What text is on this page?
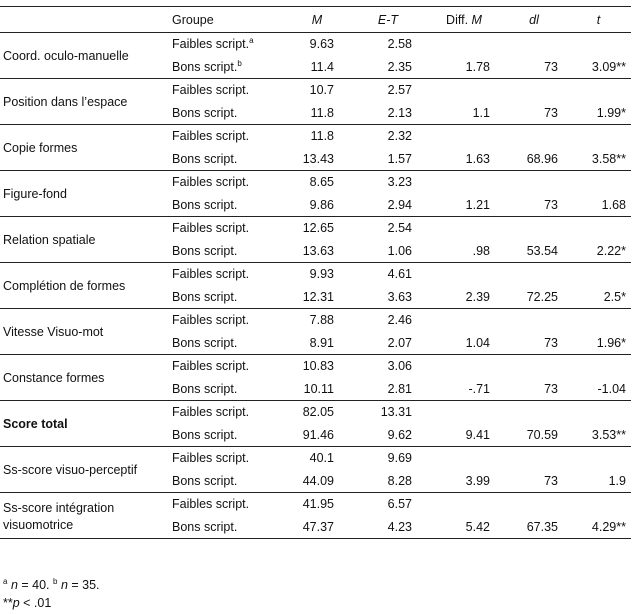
	Groupe	M	E-T	Diff. M	dl	t
Coord. oculo-manuelle	Faibles script.$^a$	9.63	2.58			
	Bons script.$^b$	11.4	2.35	1.78	73	3.09**
Position dans l’espace	Faibles script.	10.7	2.57			
	Bons script.	11.8	2.13	1.1	73	1.99*
Copie formes	Faibles script.	11.8	2.32			
	Bons script.	13.43	1.57	1.63	68.96	3.58**
Figure-fond	Faibles script.	8.65	3.23			
	Bons script.	9.86	2.94	1.21	73	1.68
Relation spatiale	Faibles script.	12.65	2.54			
	Bons script.	13.63	1.06	.98	53.54	2.22*
Complétion de formes	Faibles script.	9.93	4.61			
	Bons script.	12.31	3.63	2.39	72.25	2.5*
Vitesse Visuo-mot	Faibles script.	7.88	2.46			
	Bons script.	8.91	2.07	1.04	73	1.96*
Constance formes	Faibles script.	10.83	3.06			
	Bons script.	10.11	2.81	-.71	73	-1.04
Score total	Faibles script.	82.05	13.31			
	Bons script.	91.46	9.62	9.41	70.59	3.53**
Ss-score visuo-perceptif	Faibles script.	40.1	9.69			
	Bons script.	44.09	8.28	3.99	73	1.9

Ss-score intégration
visuomotrice	Faibles script.	41.95	6.57			
	Bons script.	47.37	4.23	5.42	67.35	4.29**
$^a$ n = 40. $^b$ n = 35.
**p < .01
